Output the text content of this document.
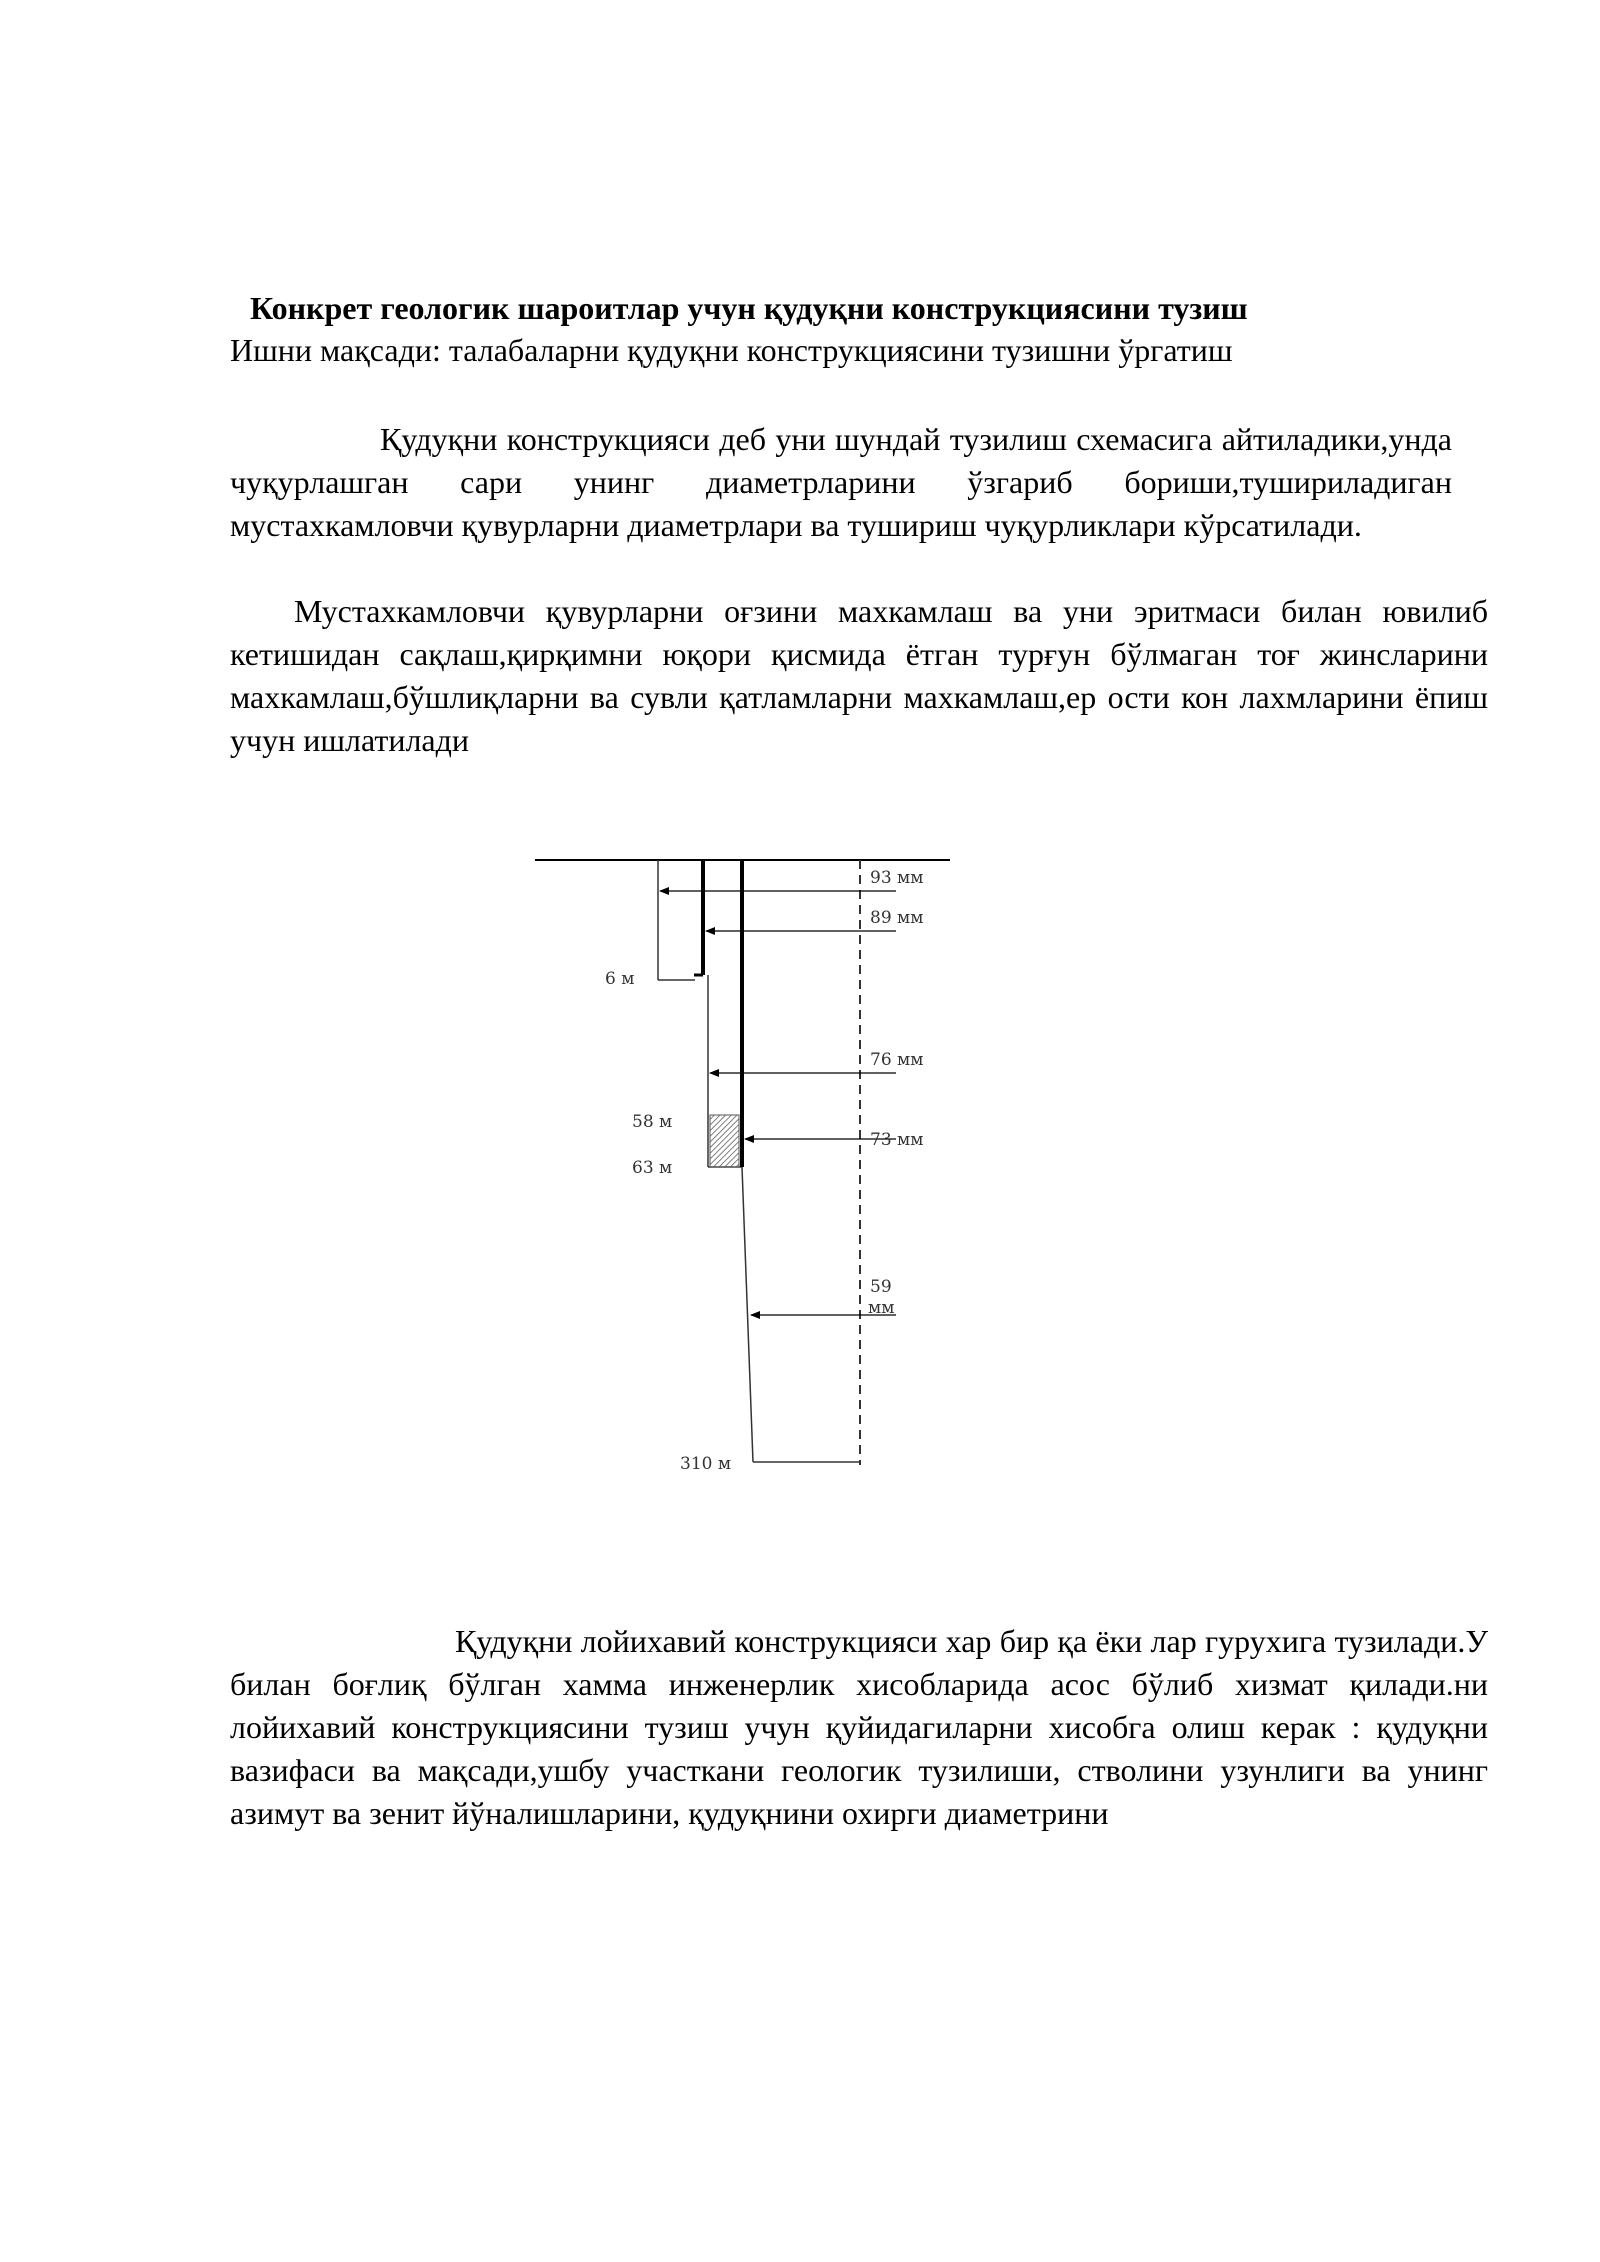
Конкрет геологик шароитлар учун қудуқни конструкциясини тузиш
Ишни мақсади: талабаларни қудуқни конструкциясини тузишни ўргатиш
Қудуқни конструкцияси деб уни шундай тузилиш схемасига айтиладики,унда чуқурлашган сари унинг диаметрларини ўзгариб бориши,тушириладиган мустахкамловчи қувурларни диаметрлари ва тушириш чуқурликлари кўрсатилади.
Мустахкамловчи қувурларни оғзини махкамлаш ва уни эритмаси билан ювилиб кетишидан сақлаш,қирқимни юқори қисмида ётган турғун бўлмаган тоғ жинсларини махкамлаш,бўшлиқларни ва сувли қатламларни махкамлаш,ер ости кон лахмларини ёпиш учун ишлатилади
93 мм
89 мм
76 мм
73 мм
59
мм
6 м
58 м
63 м
310 м
Қудуқни лойихавий конструкцияси хар бир қа ёки лар гурухига тузилади.У билан боғлиқ бўлган хамма инженерлик хисобларида асос бўлиб хизмат қилади.ни лойихавий конструкциясини тузиш учун қуйидагиларни хисобга олиш керак : қудуқни вазифаси ва мақсади,ушбу участкани геологик тузилиши, стволини узунлиги ва унинг азимут ва зенит йўналишларини, қудуқнини охирги диаметрини
